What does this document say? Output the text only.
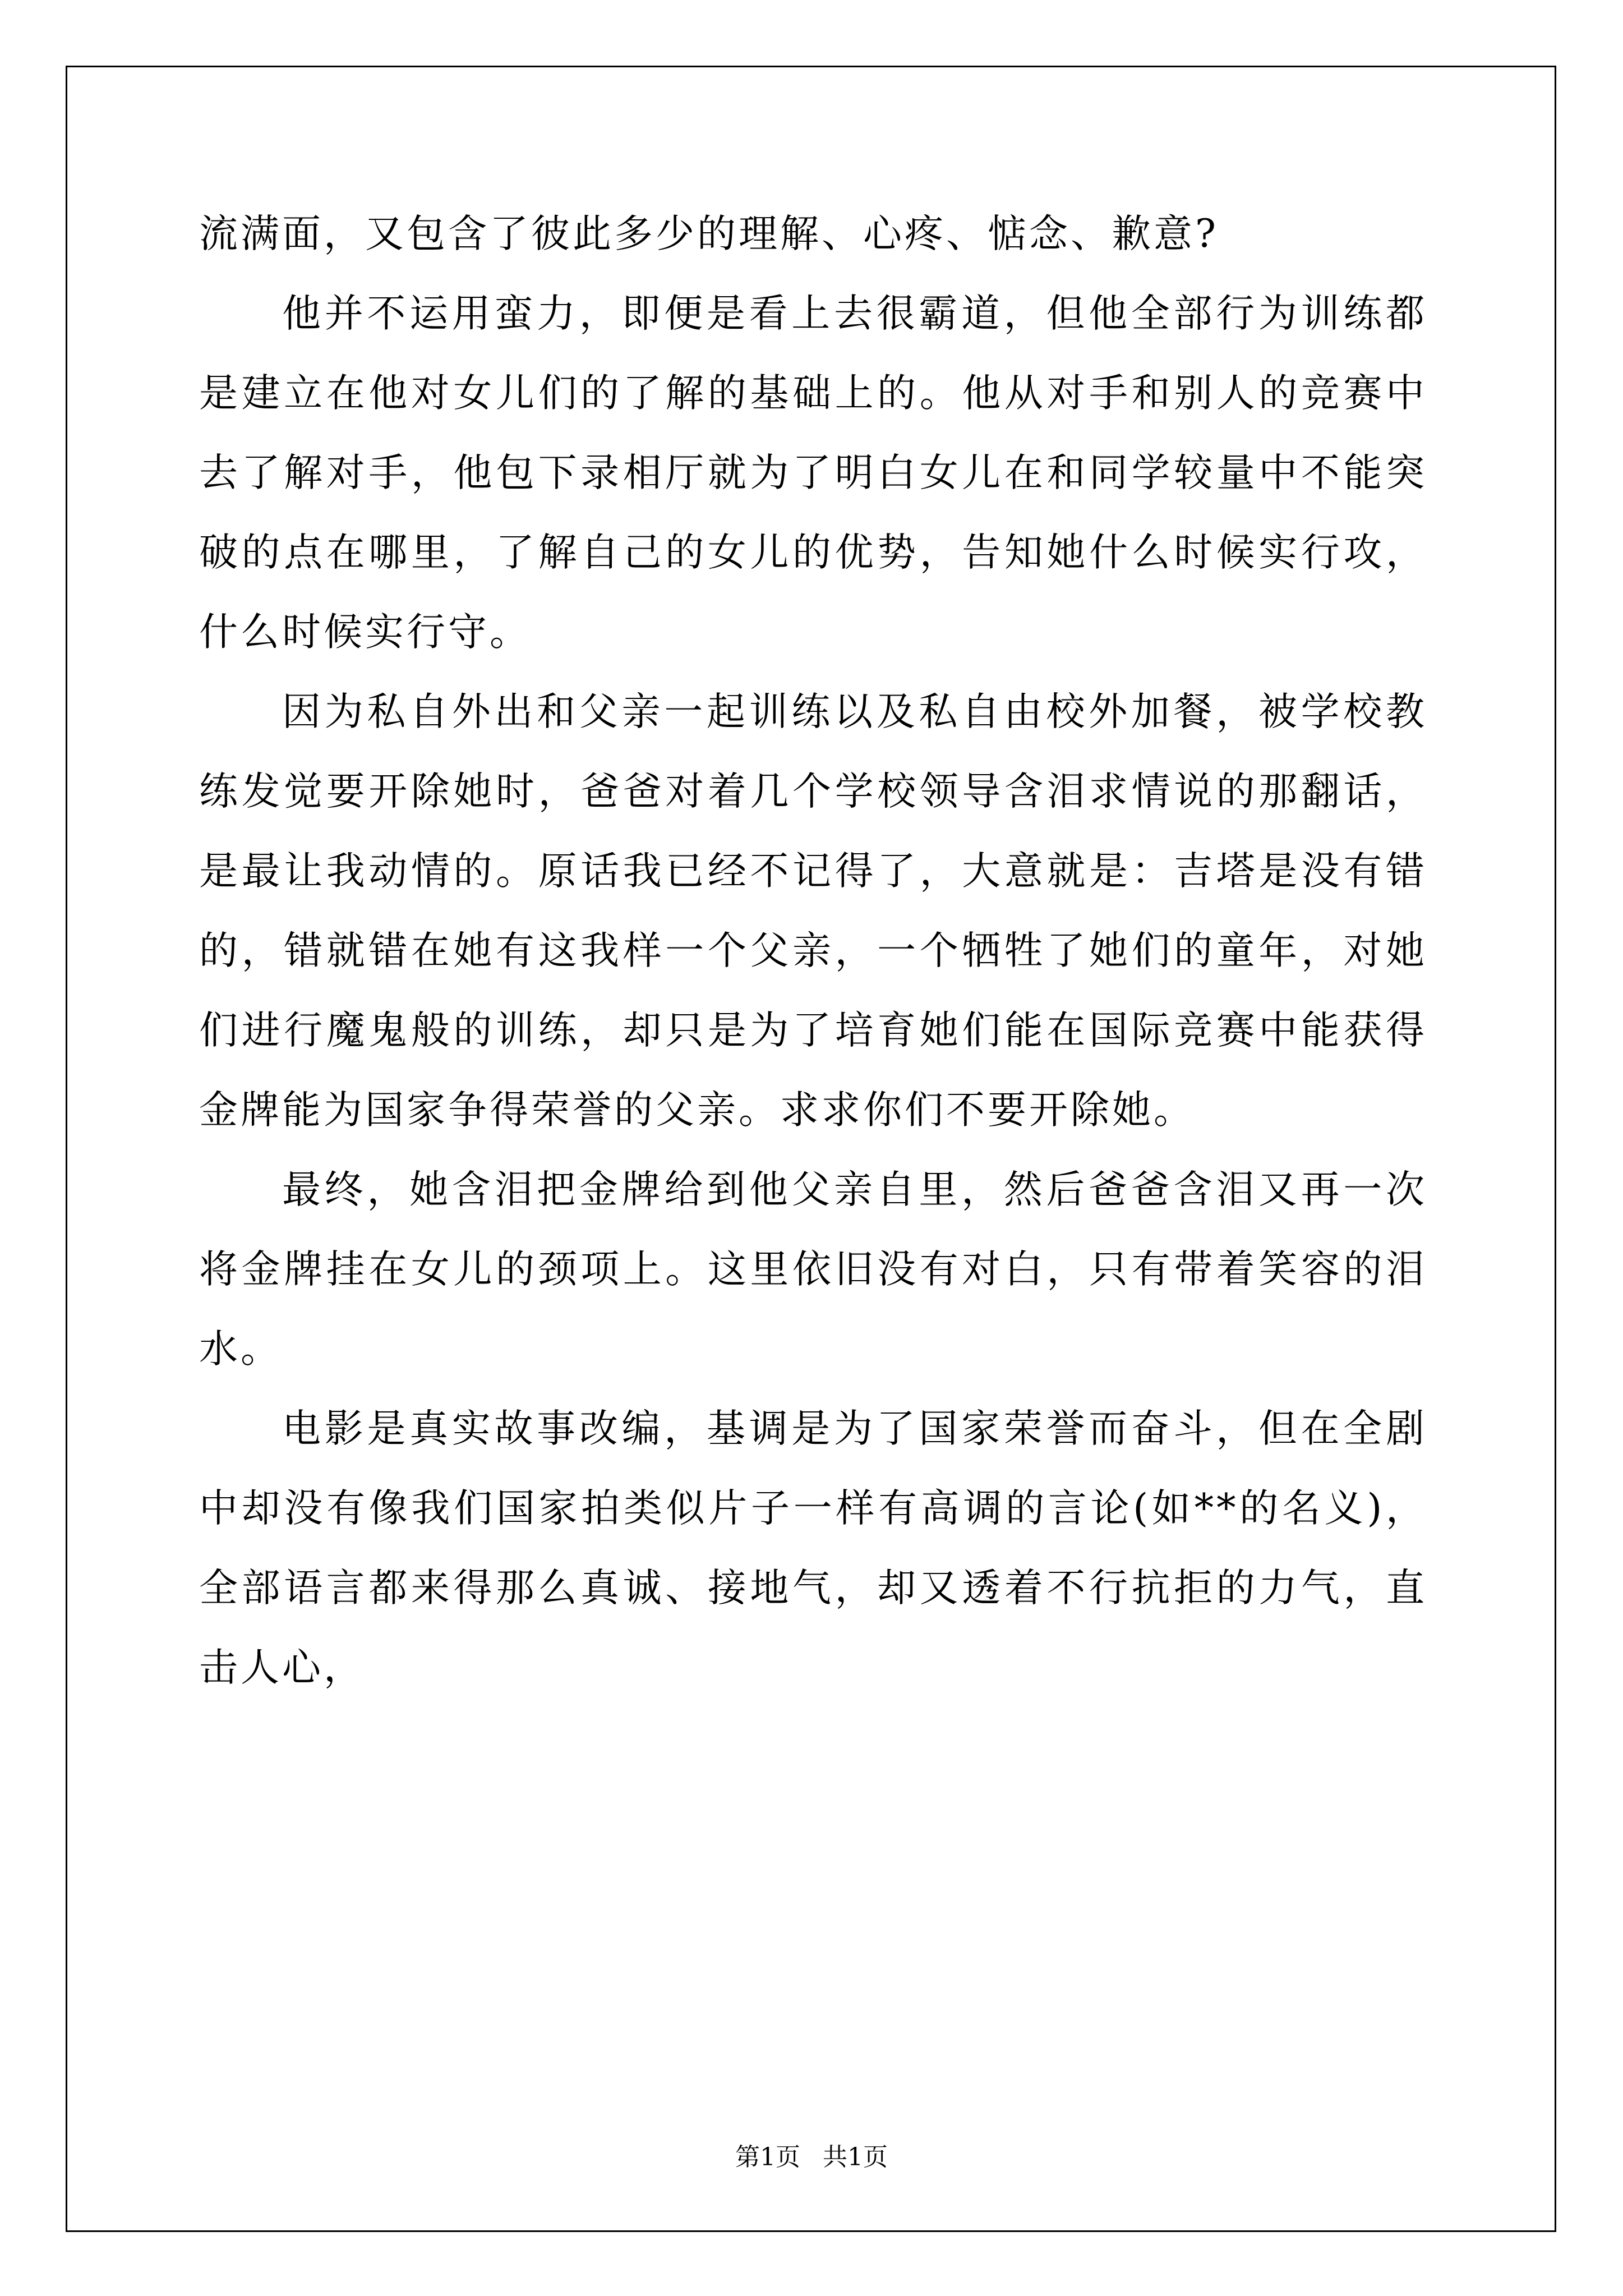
流满面，又包含了彼此多少的理解、心疼、惦念、歉意?

他并不运用蛮力，即便是看上去很霸道，但他全部行为训练都是建立在他对女儿们的了解的基础上的。他从对手和别人的竞赛中去了解对手，他包下录相厅就为了明白女儿在和同学较量中不能突破的点在哪里，了解自己的女儿的优势，告知她什么时候实行攻，什么时候实行守。

因为私自外出和父亲一起训练以及私自由校外加餐，被学校教练发觉要开除她时，爸爸对着几个学校领导含泪求情说的那翻话，是最让我动情的。原话我已经不记得了，大意就是：吉塔是没有错的，错就错在她有这我样一个父亲，一个牺牲了她们的童年，对她们进行魔鬼般的训练，却只是为了培育她们能在国际竞赛中能获得金牌能为国家争得荣誉的父亲。求求你们不要开除她。

最终，她含泪把金牌给到他父亲自里，然后爸爸含泪又再一次将金牌挂在女儿的颈项上。这里依旧没有对白，只有带着笑容的泪水。

电影是真实故事改编，基调是为了国家荣誉而奋斗，但在全剧中却没有像我们国家拍类似片子一样有高调的言论(如**的名义)，全部语言都来得那么真诚、接地气，却又透着不行抗拒的力气，直击人心，

第1页 共1页
